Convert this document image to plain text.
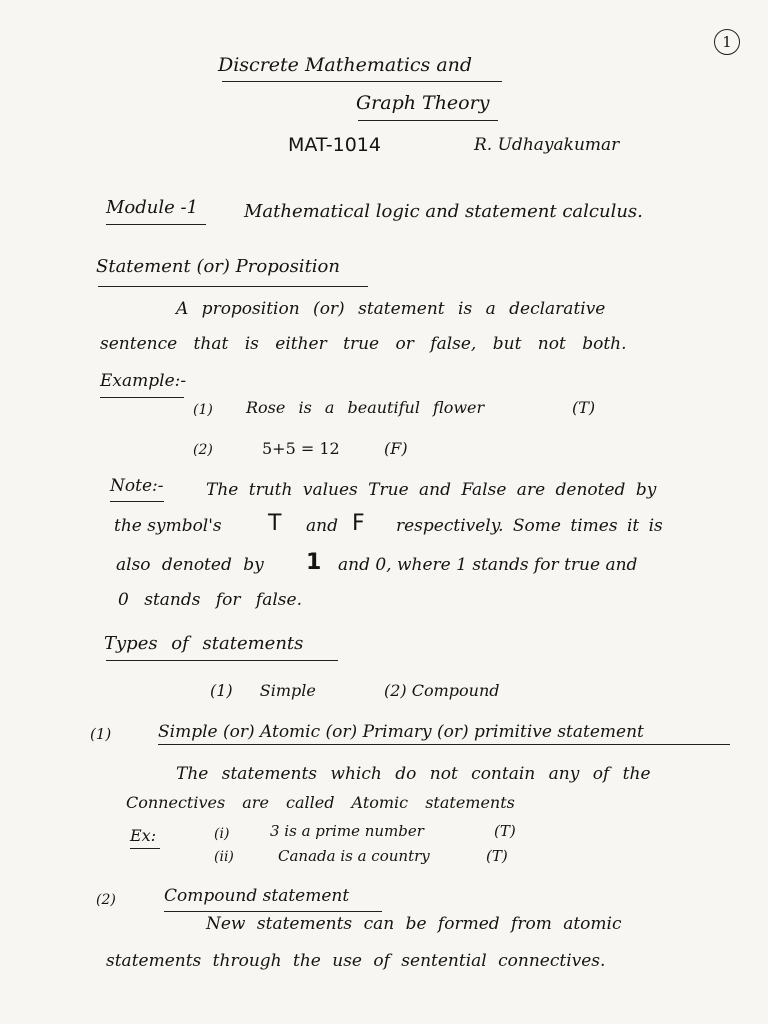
1
Discrete Mathematics and
Graph Theory
MAT-1014	R. Udhayakumar
Module -1	Mathematical logic and statement calculus.
Statement (or) Proposition
A proposition (or) statement is a declarative
sentence that is either true or false, but not both.
Example:-
(1) Rose is a beautiful flower	(T)
(2)	5+5 = 12	(F)
Note:-	The truth values True and False are denoted by
the symbol's T and F respectively. Some times it is
also denoted by 1 and 0, where 1 stands for true and
0 stands for false.
Types of statements
(1) Simple	(2) Compound
(1)	Simple (or) Atomic (or) Primary (or) primitive statement
The statements which do not contain any of the
Connectives are called Atomic statements
Ex:	(i)	3 is a prime number	(T)
(ii)	Canada is a country	(T)
(2)	Compound statement
New statements can be formed from atomic
statements through the use of sentential connectives.
